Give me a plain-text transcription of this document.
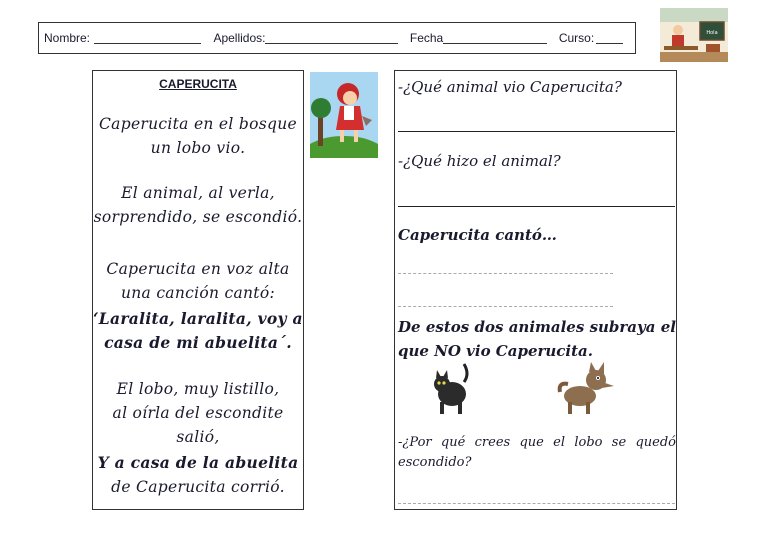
Nombre:	Apellidos:	Fecha	Curso:	Hola
CAPERUCITA
Caperucita en el bosque
un lobo vio.
El animal, al verla,
sorprendido, se escondió.
Caperucita en voz alta
una canción cantó:
‘Laralita, laralita, voy a
casa de mi abuelita´.
El lobo, muy listillo,
al oírla del escondite salió,
Y a casa de la abuelita
de Caperucita corrió.
-¿Qué animal vio Caperucita?
-¿Qué hizo el animal?
Caperucita cantó…
De estos dos animales subraya el
que NO vio Caperucita.
-¿Por qué crees que el lobo se quedó
escondido?
